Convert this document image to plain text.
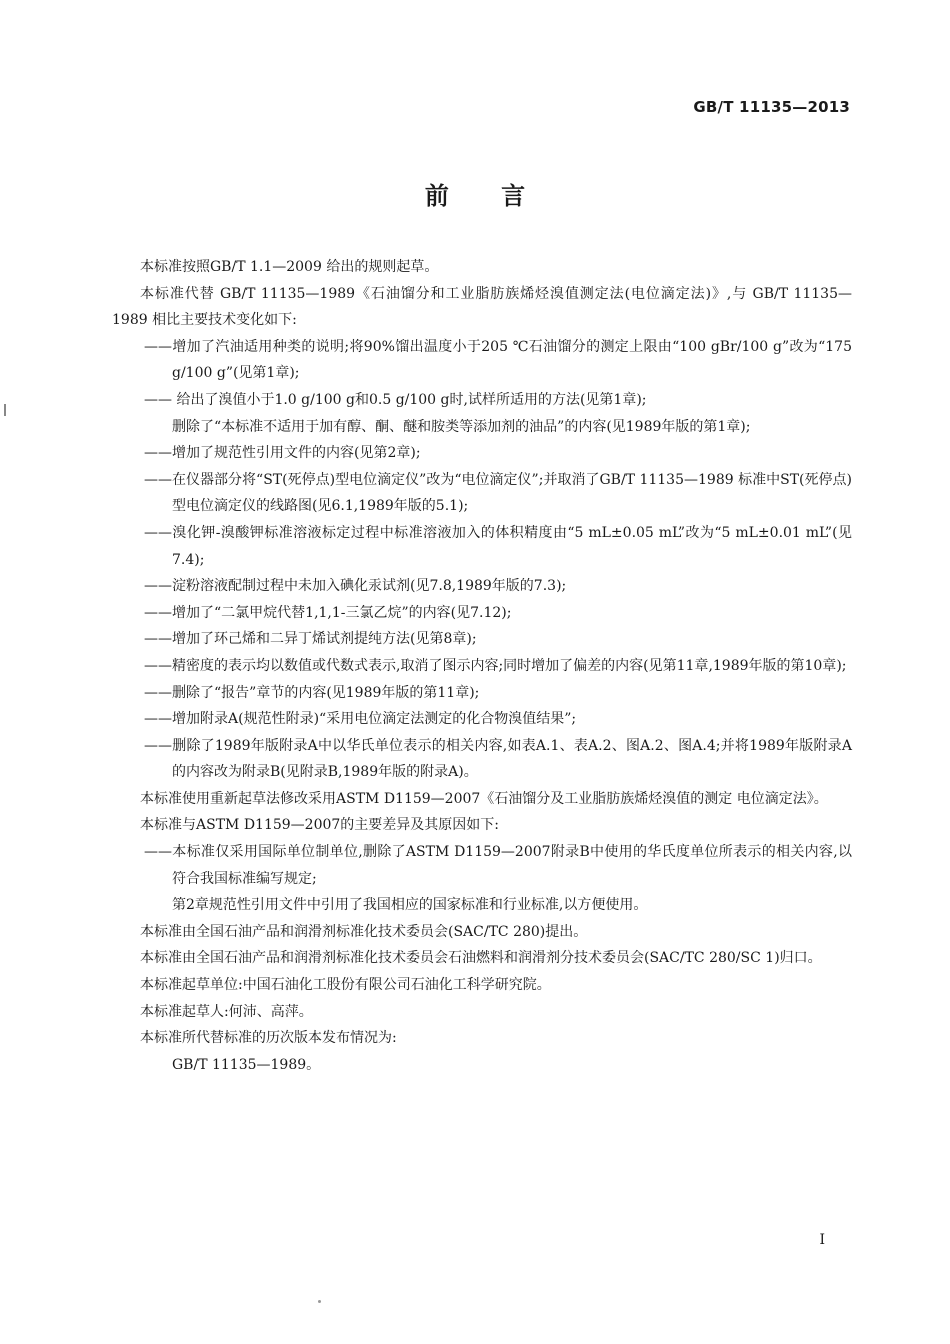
GB/T 11135—2013
前 言

本标准按照GB/T 1.1—2009 给出的规则起草。

本标准代替 GB/T 11135—1989《石油馏分和工业脂肪族烯烃溴值测定法(电位滴定法)》,与 GB/T 11135—1989 相比主要技术变化如下:

——增加了汽油适用种类的说明;将90%馏出温度小于205 ℃石油馏分的测定上限由“100 gBr/100 g”改为“175 g/100 g”(见第1章);

—— 给出了溴值小于1.0 g/100 g和0.5 g/100 g时,试样所适用的方法(见第1章);

删除了“本标准不适用于加有醇、酮、醚和胺类等添加剂的油品”的内容(见1989年版的第1章);

——增加了规范性引用文件的内容(见第2章);

——在仪器部分将“ST(死停点)型电位滴定仪”改为“电位滴定仪”;并取消了GB/T 11135—1989 标准中ST(死停点)型电位滴定仪的线路图(见6.1,1989年版的5.1);

——溴化钾-溴酸钾标准溶液标定过程中标准溶液加入的体积精度由“5 mL±0.05 mL”改为“5 mL±0.01 mL”(见7.4);

——淀粉溶液配制过程中未加入碘化汞试剂(见7.8,1989年版的7.3);

——增加了“二氯甲烷代替1,1,1-三氯乙烷”的内容(见7.12);

——增加了环己烯和二异丁烯试剂提纯方法(见第8章);

——精密度的表示均以数值或代数式表示,取消了图示内容;同时增加了偏差的内容(见第11章,1989年版的第10章);

——删除了“报告”章节的内容(见1989年版的第11章);

——增加附录A(规范性附录)“采用电位滴定法测定的化合物溴值结果”;

——删除了1989年版附录A中以华氏单位表示的相关内容,如表A.1、表A.2、图A.2、图A.4;并将1989年版附录A的内容改为附录B(见附录B,1989年版的附录A)。

本标准使用重新起草法修改采用ASTM D1159—2007《石油馏分及工业脂肪族烯烃溴值的测定 电位滴定法》。

本标准与ASTM D1159—2007的主要差异及其原因如下:

——本标准仅采用国际单位制单位,删除了ASTM D1159—2007附录B中使用的华氏度单位所表示的相关内容,以符合我国标准编写规定;

第2章规范性引用文件中引用了我国相应的国家标准和行业标准,以方便使用。

本标准由全国石油产品和润滑剂标准化技术委员会(SAC/TC 280)提出。

本标准由全国石油产品和润滑剂标准化技术委员会石油燃料和润滑剂分技术委员会(SAC/TC 280/SC 1)归口。

本标准起草单位:中国石油化工股份有限公司石油化工科学研究院。

本标准起草人:何沛、高萍。

本标准所代替标准的历次版本发布情况为:

GB/T 11135—1989。

I
